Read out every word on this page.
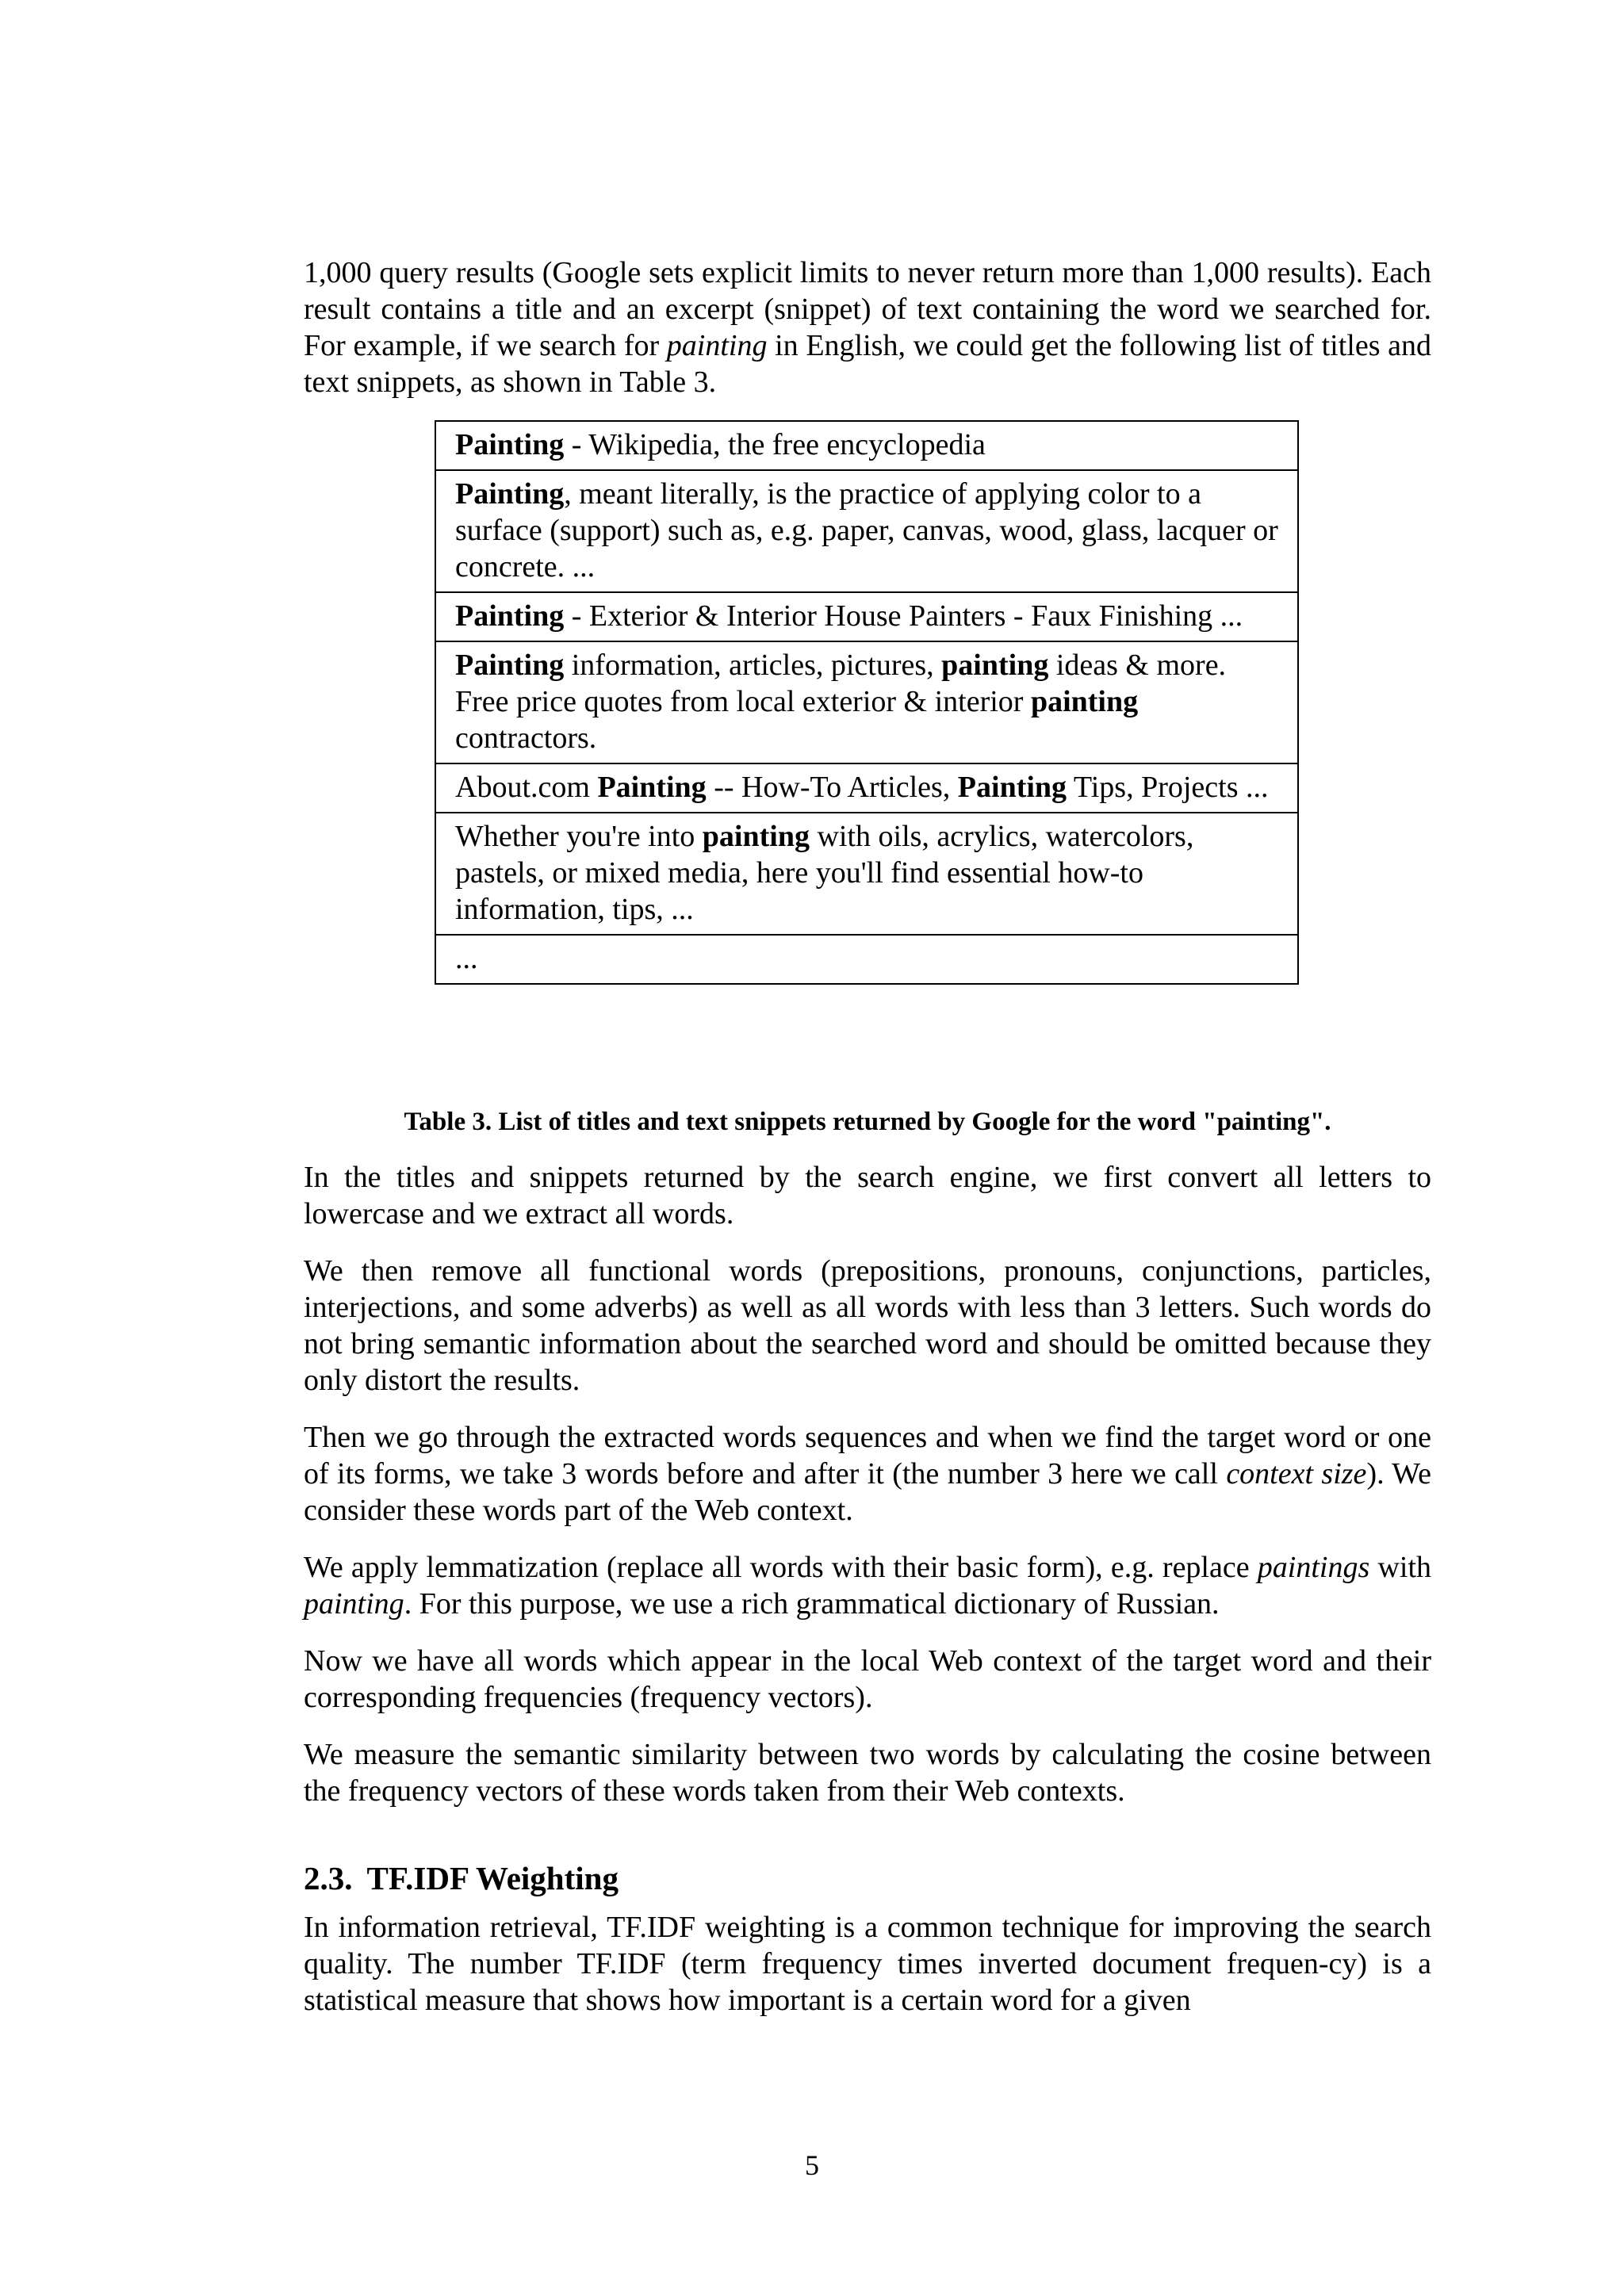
1,000 query results (Google sets explicit limits to never return more than 1,000 results). Each result contains a title and an excerpt (snippet) of text containing the word we searched for. For example, if we search for painting in English, we could get the following list of titles and text snippets, as shown in Table 3.

Painting - Wikipedia, the free encyclopedia
Painting, meant literally, is the practice of applying color to a surface (support) such as, e.g. paper, canvas, wood, glass, lacquer or concrete. ...
Painting - Exterior & Interior House Painters - Faux Finishing ...
Painting information, articles, pictures, painting ideas & more. Free price quotes from local exterior & interior painting contractors.
About.com Painting -- How-To Articles, Painting Tips, Projects ...
Whether you're into painting with oils, acrylics, watercolors, pastels, or mixed media, here you'll find essential how-to information, tips, ...
...
Table 3. List of titles and text snippets returned by Google for the word "painting".

In the titles and snippets returned by the search engine, we first convert all letters to lowercase and we extract all words.

We then remove all functional words (prepositions, pronouns, conjunctions, particles, interjections, and some adverbs) as well as all words with less than 3 letters. Such words do not bring semantic information about the searched word and should be omitted because they only distort the results.

Then we go through the extracted words sequences and when we find the target word or one of its forms, we take 3 words before and after it (the number 3 here we call context size). We consider these words part of the Web context.

We apply lemmatization (replace all words with their basic form), e.g. replace paintings with painting. For this purpose, we use a rich grammatical dictionary of Russian.

Now we have all words which appear in the local Web context of the target word and their corresponding frequencies (frequency vectors).

We measure the semantic similarity between two words by calculating the cosine between the frequency vectors of these words taken from their Web contexts.

2.3. TF.IDF Weighting

In information retrieval, TF.IDF weighting is a common technique for improving the search quality. The number TF.IDF (term frequency times inverted document frequen-cy) is a statistical measure that shows how important is a certain word for a given

5
